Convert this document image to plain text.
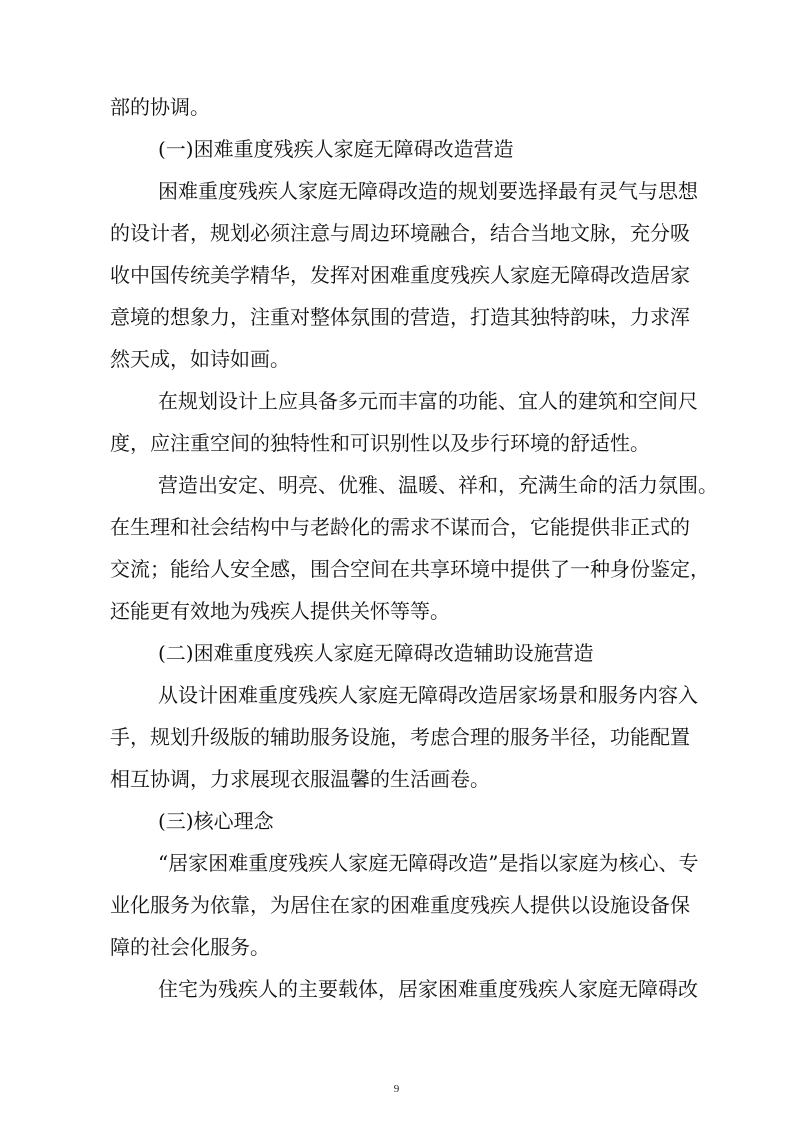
部的协调。
(一)困难重度残疾人家庭无障碍改造营造
困难重度残疾人家庭无障碍改造的规划要选择最有灵气与思想
的设计者，规划必须注意与周边环境融合，结合当地文脉，充分吸
收中国传统美学精华，发挥对困难重度残疾人家庭无障碍改造居家
意境的想象力，注重对整体氛围的营造，打造其独特韵味，力求浑
然天成，如诗如画。
在规划设计上应具备多元而丰富的功能、宜人的建筑和空间尺
度，应注重空间的独特性和可识别性以及步行环境的舒适性。
营造出安定、明亮、优雅、温暖、祥和，充满生命的活力氛围。
在生理和社会结构中与老龄化的需求不谋而合，它能提供非正式的
交流；能给人安全感，围合空间在共享环境中提供了一种身份鉴定，
还能更有效地为残疾人提供关怀等等。
(二)困难重度残疾人家庭无障碍改造辅助设施营造
从设计困难重度残疾人家庭无障碍改造居家场景和服务内容入
手，规划升级版的辅助服务设施，考虑合理的服务半径，功能配置
相互协调，力求展现衣服温馨的生活画卷。
(三)核心理念
“居家困难重度残疾人家庭无障碍改造”是指以家庭为核心、专
业化服务为依靠，为居住在家的困难重度残疾人提供以设施设备保
障的社会化服务。
住宅为残疾人的主要载体，居家困难重度残疾人家庭无障碍改
9
